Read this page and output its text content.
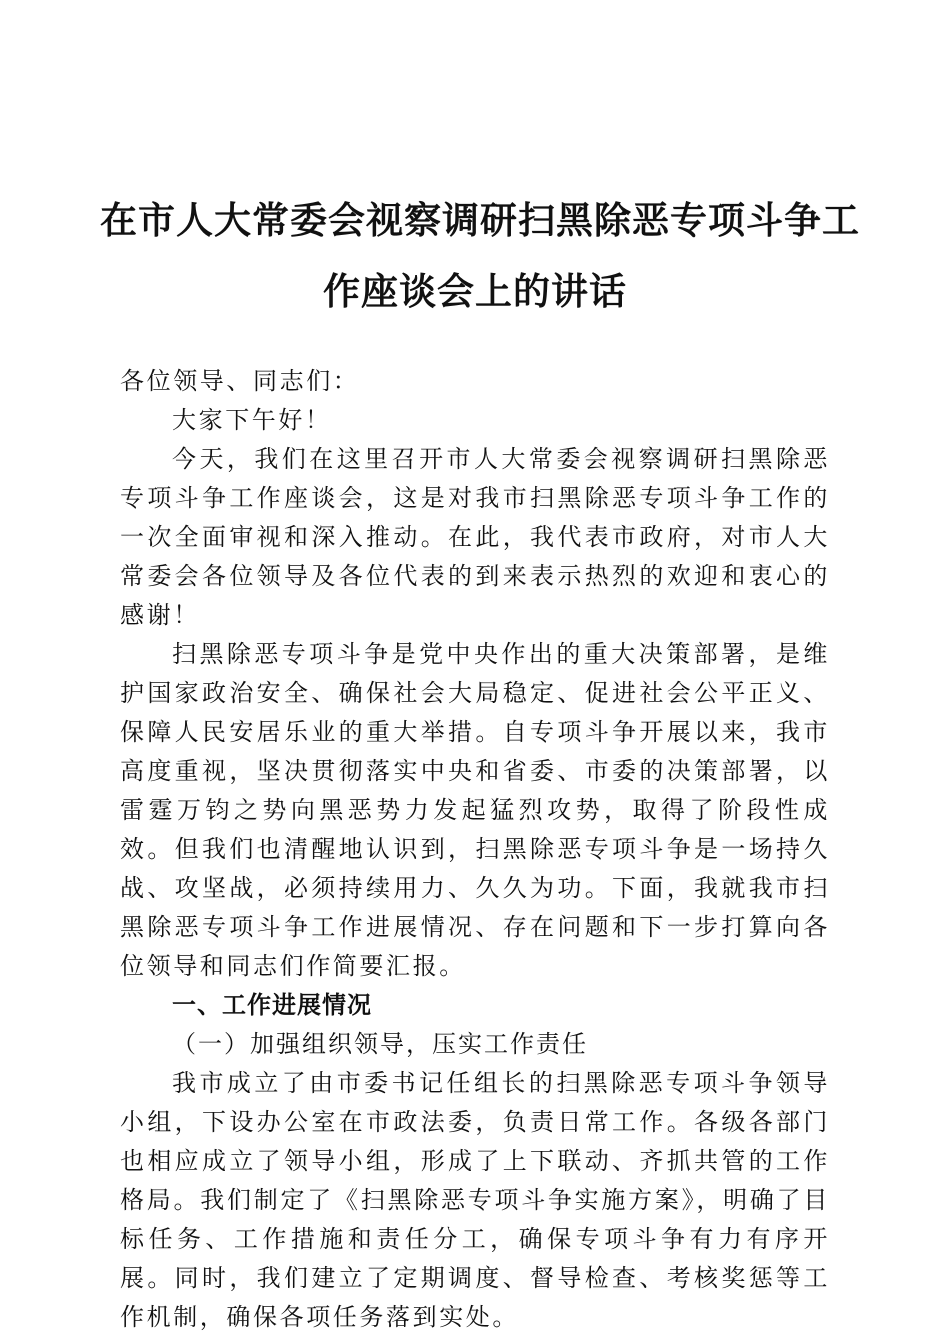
在市人大常委会视察调研扫黑除恶专项斗争工
作座谈会上的讲话

各位领导、同志们：

大家下午好！

今天，我们在这里召开市人大常委会视察调研扫黑除恶专项斗争工作座谈会，这是对我市扫黑除恶专项斗争工作的一次全面审视和深入推动。在此，我代表市政府，对市人大常委会各位领导及各位代表的到来表示热烈的欢迎和衷心的感谢！

扫黑除恶专项斗争是党中央作出的重大决策部署，是维护国家政治安全、确保社会大局稳定、促进社会公平正义、保障人民安居乐业的重大举措。自专项斗争开展以来，我市高度重视，坚决贯彻落实中央和省委、市委的决策部署，以雷霆万钧之势向黑恶势力发起猛烈攻势，取得了阶段性成效。但我们也清醒地认识到，扫黑除恶专项斗争是一场持久战、攻坚战，必须持续用力、久久为功。下面，我就我市扫黑除恶专项斗争工作进展情况、存在问题和下一步打算向各位领导和同志们作简要汇报。

一、工作进展情况

（一）加强组织领导，压实工作责任

我市成立了由市委书记任组长的扫黑除恶专项斗争领导小组，下设办公室在市政法委，负责日常工作。各级各部门也相应成立了领导小组，形成了上下联动、齐抓共管的工作格局。我们制定了《扫黑除恶专项斗争实施方案》，明确了目标任务、工作措施和责任分工，确保专项斗争有力有序开展。同时，我们建立了定期调度、督导检查、考核奖惩等工作机制，确保各项任务落到实处。
